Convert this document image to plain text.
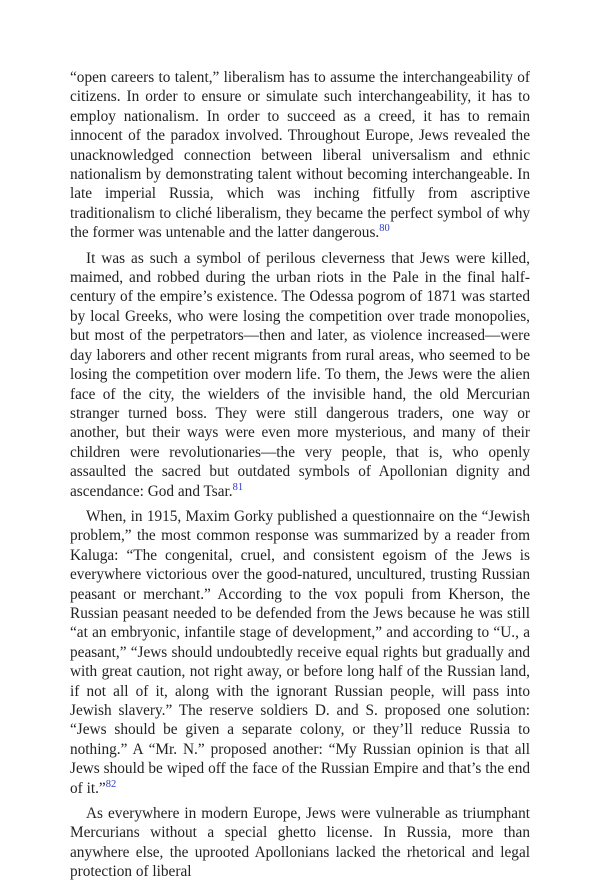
“open careers to talent,” liberalism has to assume the interchangeability of citizens. In order to ensure or simulate such interchangeability, it has to employ nationalism. In order to succeed as a creed, it has to remain innocent of the paradox involved. Throughout Europe, Jews revealed the unacknowledged connection between liberal universalism and ethnic nationalism by demonstrating talent without becoming interchangeable. In late imperial Russia, which was inching fitfully from ascriptive traditionalism to cliché liberalism, they became the perfect symbol of why the former was untenable and the latter dangerous.$^{80}$

It was as such a symbol of perilous cleverness that Jews were killed, maimed, and robbed during the urban riots in the Pale in the final half-century of the empire’s existence. The Odessa pogrom of 1871 was started by local Greeks, who were losing the competition over trade monopolies, but most of the perpetrators—then and later, as violence increased—were day laborers and other recent migrants from rural areas, who seemed to be losing the competition over modern life. To them, the Jews were the alien face of the city, the wielders of the invisible hand, the old Mercurian stranger turned boss. They were still dangerous traders, one way or another, but their ways were even more mysterious, and many of their children were revolutionaries—the very people, that is, who openly assaulted the sacred but outdated symbols of Apollonian dignity and ascendance: God and Tsar.$^{81}$

When, in 1915, Maxim Gorky published a questionnaire on the “Jewish problem,” the most common response was summarized by a reader from Kaluga: “The congenital, cruel, and consistent egoism of the Jews is everywhere victorious over the good-natured, uncultured, trusting Russian peasant or merchant.” According to the vox populi from Kherson, the Russian peasant needed to be defended from the Jews because he was still “at an embryonic, infantile stage of development,” and according to “U., a peasant,” “Jews should undoubtedly receive equal rights but gradually and with great caution, not right away, or before long half of the Russian land, if not all of it, along with the ignorant Russian people, will pass into Jewish slavery.” The reserve soldiers D. and S. proposed one solution: “Jews should be given a separate colony, or they’ll reduce Russia to nothing.” A “Mr. N.” proposed another: “My Russian opinion is that all Jews should be wiped off the face of the Russian Empire and that’s the end of it.”$^{82}$

As everywhere in modern Europe, Jews were vulnerable as triumphant Mercurians without a special ghetto license. In Russia, more than anywhere else, the uprooted Apollonians lacked the rhetorical and legal protection of liberal
